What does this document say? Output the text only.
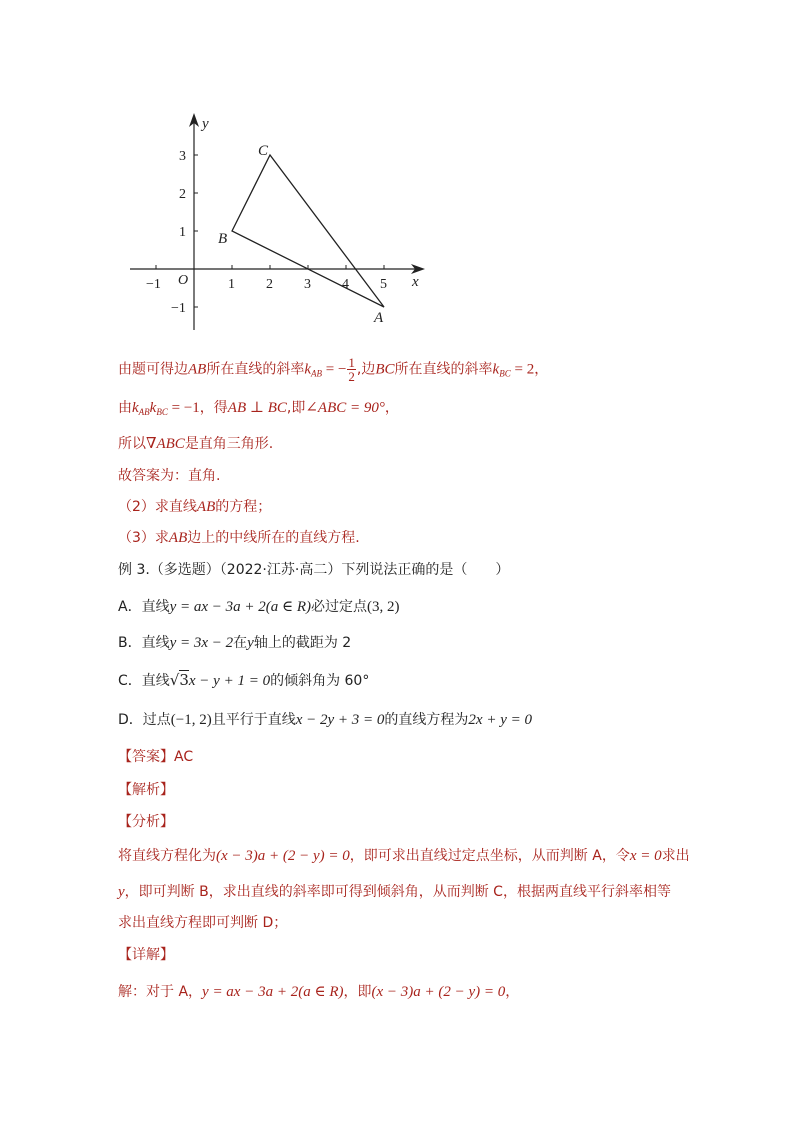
−1	1 2 3 4 5
3
2
1
−1
O	x
y
C
B
A
由题可得边AB所在直线的斜率$k_{AB}$ = − $\frac{1}{2}$ ,边BC所在直线的斜率$k_{BC} = 2$，
由$k_{AB}k_{BC} = -1$，得AB ⊥ BC,即∠ABC = 90°，
所以∇ABC是直角三角形.
故答案为：直角.
（2）求直线AB的方程；
（3）求AB边上的中线所在的直线方程.
例 3.（多选题）（2022·江苏·高二）下列说法正确的是（　　）
A．直线y = ax − 3a + 2(a ∈ R)必过定点(3, 2)
B．直线y = 3x − 2在y轴上的截距为 2
C．直线√3x − y + 1 = 0的倾斜角为 60°
D．过点(−1, 2)且平行于直线x − 2y + 3 = 0的直线方程为2x + y = 0
【答案】AC
【解析】
【分析】
将直线方程化为(x − 3)a + (2 − y) = 0，即可求出直线过定点坐标，从而判断 A，令x = 0求出
y，即可判断 B，求出直线的斜率即可得到倾斜角，从而判断 C，根据两直线平行斜率相等
求出直线方程即可判断 D；
【详解】
解：对于 A，y = ax − 3a + 2(a ∈ R)，即(x − 3)a + (2 − y) = 0，
